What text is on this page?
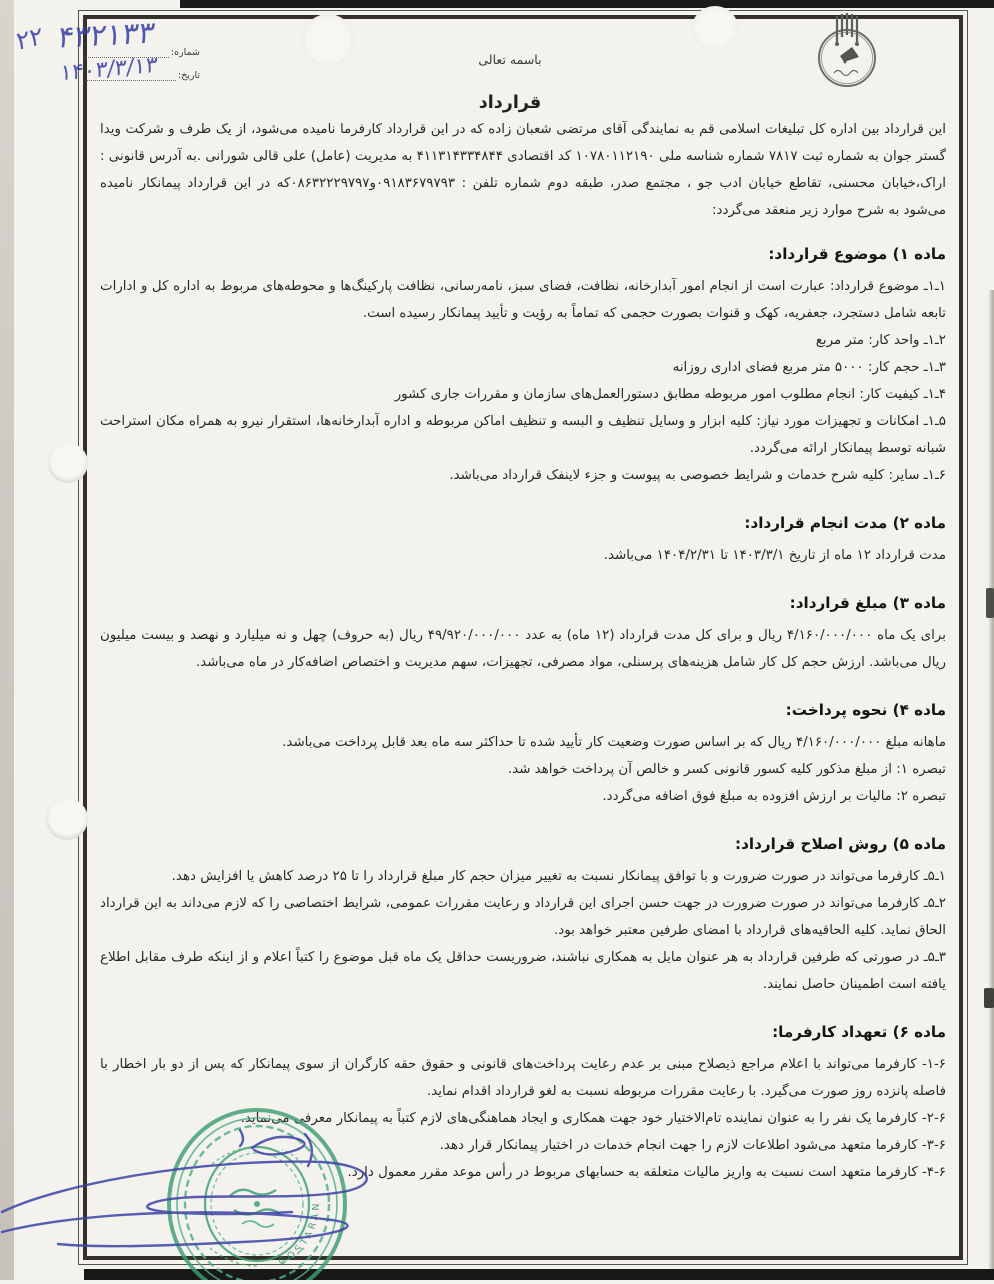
شماره:
تاریخ:
۲۲ ۴۳۲۱۳۳
۱۴۰۳/۳/۱۳	باسمه تعالی
قرارداد

این قرارداد بین اداره کل تبلیغات اسلامی قم به نمایندگی آقای مرتضی شعبان زاده که در این قرارداد کارفرما نامیده می‌شود، از یک طرف و شرکت ویدا گستر جوان به شماره ثبت ۷۸۱۷ شماره شناسه ملی ۱۰۷۸۰۱۱۲۱۹۰ کد اقتصادی ۴۱۱۳۱۴۳۳۴۸۴۴ به مدیریت (عامل) علی قالی شورانی .به آدرس قانونی : اراک،خیابان محسنی، تقاطع خیابان ادب جو ، مجتمع صدر، طبقه دوم شماره تلفن : ۰۹۱۸۳۶۷۹۷۹۳و۰۸۶۳۲۲۲۹۷۹۷که در این قرارداد پیمانکار نامیده می‌شود به شرح موارد زیر منعقد می‌گردد:

ماده ۱) موضوع قرارداد:

۱ـ۱ـ موضوع قرارداد: عبارت است از انجام امور آبدارخانه، نظافت، فضای سبز، نامه‌رسانی، نظافت پارکینگ‌ها و محوطه‌های مربوط به اداره کل و ادارات تابعه شامل دستجرد، جعفریه، کهک و قنوات بصورت حجمی که تماماً به رؤیت و تأیید پیمانکار رسیده است.

۲ـ۱ـ واحد کار: متر مربع

۳ـ۱ـ حجم کار: ۵۰۰۰ متر مربع فضای اداری روزانه

۴ـ۱ـ کیفیت کار: انجام مطلوب امور مربوطه مطابق دستورالعمل‌های سازمان و مقررات جاری کشور

۵ـ۱ـ امکانات و تجهیزات مورد نیاز: کلیه ابزار و وسایل تنظیف و البسه و تنظیف اماکن مربوطه و اداره آبدارخانه‌ها، استقرار نیرو به همراه مکان استراحت شبانه توسط پیمانکار ارائه می‌گردد.

۶ـ۱ـ سایر: کلیه شرح خدمات و شرایط خصوصی به پیوست و جزء لاینفک قرارداد می‌باشد.

ماده ۲) مدت انجام قرارداد:

مدت قرارداد ۱۲ ماه از تاریخ ۱۴۰۳/۳/۱ تا ۱۴۰۴/۲/۳۱ می‌باشد.

ماده ۳) مبلغ قرارداد:

برای یک ماه ۴/۱۶۰/۰۰۰/۰۰۰ ریال و برای کل مدت قرارداد (۱۲ ماه) به عدد ۴۹/۹۲۰/۰۰۰/۰۰۰ ریال (به حروف) چهل و نه میلیارد و نهصد و بیست میلیون ریال می‌باشد. ارزش حجم کل کار شامل هزینه‌های پرسنلی، مواد مصرفی، تجهیزات، سهم مدیریت و اختصاص اضافه‌کار در ماه می‌باشد.

ماده ۴) نحوه پرداخت:

ماهانه مبلغ ۴/۱۶۰/۰۰۰/۰۰۰ ریال که بر اساس صورت وضعیت کار تأیید شده تا حداکثر سه ماه بعد قابل پرداخت می‌باشد.

تبصره ۱: از مبلغ مذکور کلیه کسور قانونی کسر و خالص آن پرداخت خواهد شد.

تبصره ۲: مالیات بر ارزش افزوده به مبلغ فوق اضافه می‌گردد.

ماده ۵) روش اصلاح قرارداد:

۱ـ۵ـ کارفرما می‌تواند در صورت ضرورت و با توافق پیمانکار نسبت به تغییر میزان حجم کار مبلغ قرارداد را تا ۲۵ درصد کاهش یا افزایش دهد.

۲ـ۵ـ کارفرما می‌تواند در صورت ضرورت در جهت حسن اجرای این قرارداد و رعایت مقررات عمومی، شرایط اختصاصی را که لازم می‌داند به این قرارداد الحاق نماید. کلیه الحاقیه‌های قرارداد با امضای طرفین معتبر خواهد بود.

۳ـ۵ـ در صورتی که طرفین قرارداد به هر عنوان مایل به همکاری نباشند، ضروریست حداقل یک ماه قبل موضوع را کتباً اعلام و از اینکه طرف مقابل اطلاع یافته است اطمینان حاصل نمایند.

ماده ۶) تعهداد کارفرما:

۱-۶- کارفرما می‌تواند با اعلام مراجع ذیصلاح مبنی بر عدم رعایت پرداخت‌های قانونی و حقوق حقه کارگران از سوی پیمانکار که پس از دو بار اخطار با فاصله پانزده روز صورت می‌گیرد. با رعایت مقررات مربوطه نسبت به لغو قرارداد اقدام نماید.

۲-۶- کارفرما یک نفر را به عنوان نماینده تام‌الاختیار خود جهت همکاری و ایجاد هماهنگی‌های لازم کتباً به پیمانکار معرفی می‌نماید.

۳-۶- کارفرما متعهد می‌شود اطلاعات لازم را جهت انجام خدمات در اختیار پیمانکار قرار دهد.

۴-۶- کارفرما متعهد است نسبت به واریز مالیات متعلقه به حسابهای مربوط در رأس موعد مقرر معمول دارد.

GOSTARAN
